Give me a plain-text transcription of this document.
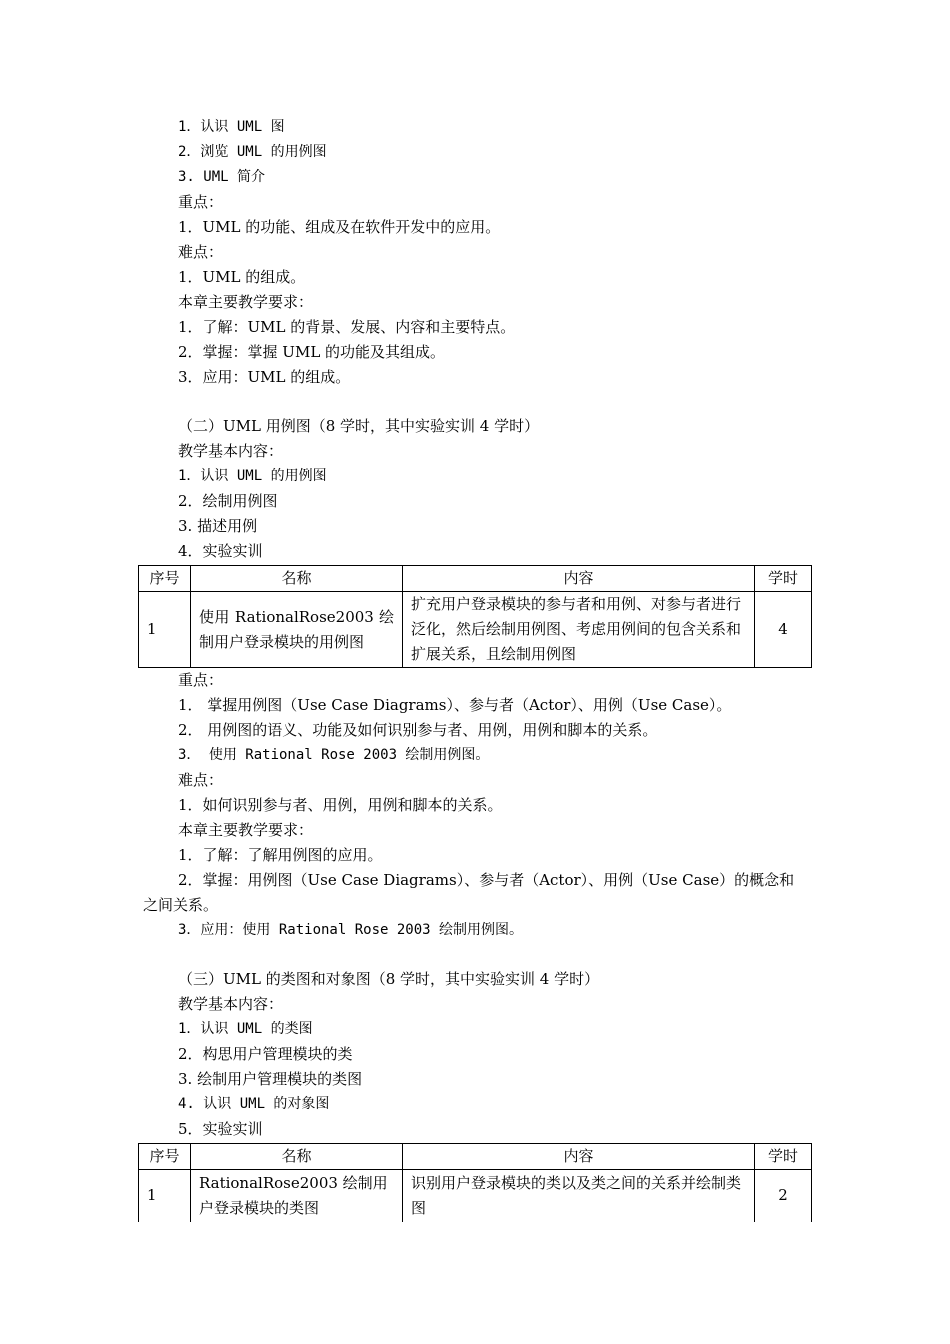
1．认识 UML 图
2．浏览 UML 的用例图
3. UML 简介
重点：
1．UML 的功能、组成及在软件开发中的应用。
难点：
1．UML 的组成。
本章主要教学要求：
1．了解：UML 的背景、发展、内容和主要特点。
2．掌握：掌握 UML 的功能及其组成。
3．应用：UML 的组成。
（二）UML 用例图（8 学时，其中实验实训 4 学时）
教学基本内容：
1．认识 UML 的用例图
2．绘制用例图
3. 描述用例
4．实验实训
序号	名称	内容	学时
1	使用 RationalRose2003 绘制用户登录模块的用例图	扩充用户登录模块的参与者和用例、对参与者进行泛化，然后绘制用例图、考虑用例间的包含关系和扩展关系，且绘制用例图	4
重点：
1． 掌握用例图（Use Case Diagrams）、参与者（Actor）、用例（Use Case）。
2． 用例图的语义、功能及如何识别参与者、用例，用例和脚本的关系。
3． 使用 Rational Rose 2003 绘制用例图。
难点：
1．如何识别参与者、用例，用例和脚本的关系。
本章主要教学要求：
1．了解：了解用例图的应用。
2．掌握：用例图（Use Case Diagrams）、参与者（Actor）、用例（Use Case）的概念和
之间关系。
3．应用：使用 Rational Rose 2003 绘制用例图。
（三）UML 的类图和对象图（8 学时，其中实验实训 4 学时）
教学基本内容：
1．认识 UML 的类图
2．构思用户管理模块的类
3. 绘制用户管理模块的类图
4. 认识 UML 的对象图
5．实验实训
序号	名称	内容	学时
1	RationalRose2003 绘制用户登录模块的类图	识别用户登录模块的类以及类之间的关系并绘制类图	2
